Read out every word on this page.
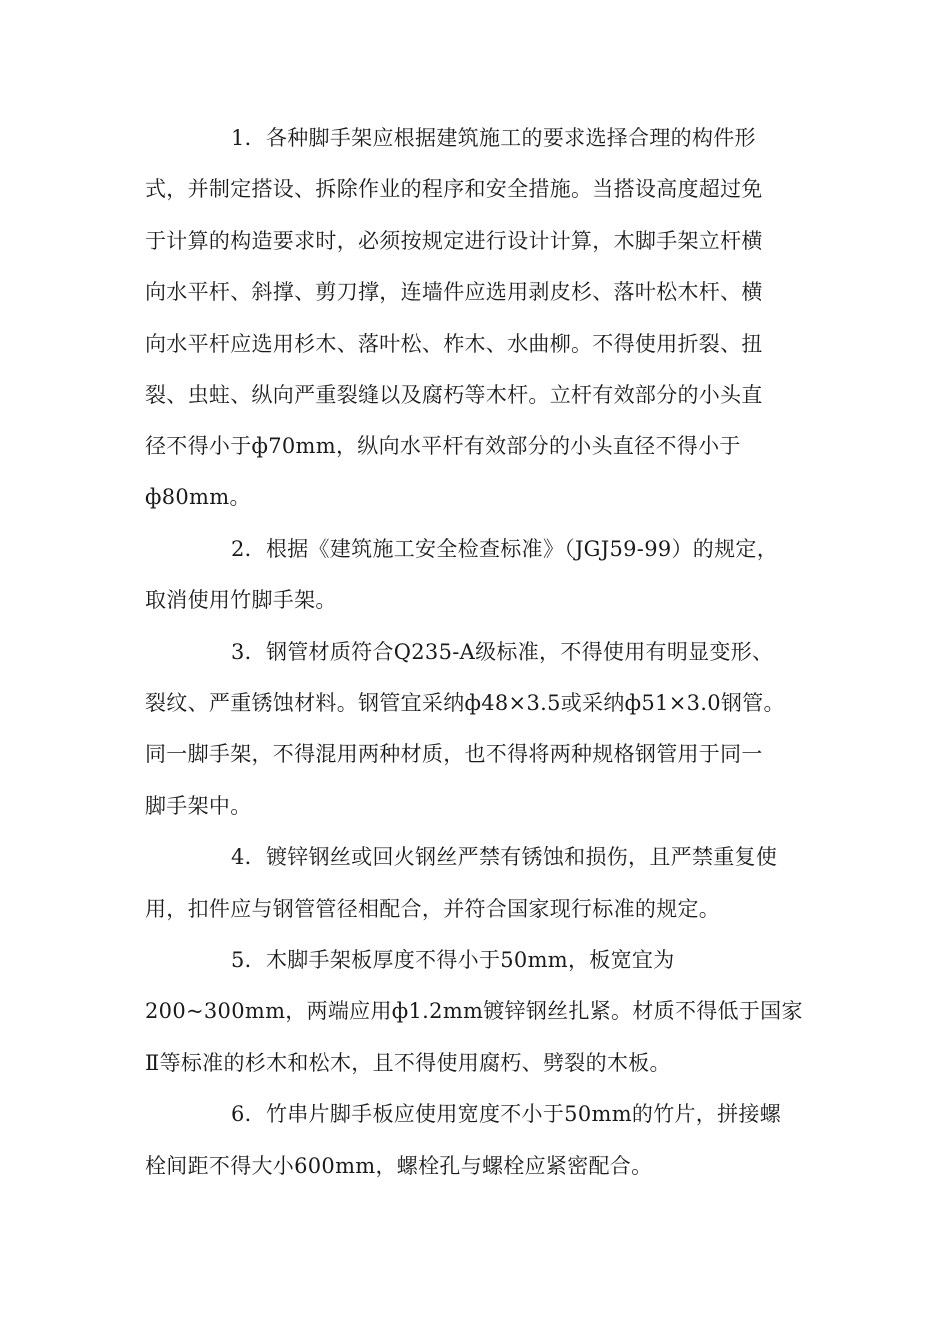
1．各种脚手架应根据建筑施工的要求选择合理的构件形
式，并制定搭设、拆除作业的程序和安全措施。当搭设高度超过免
于计算的构造要求时，必须按规定进行设计计算，木脚手架立杆横
向水平杆、斜撑、剪刀撑，连墙件应选用剥皮杉、落叶松木杆、横
向水平杆应选用杉木、落叶松、柞木、水曲柳。不得使用折裂、扭
裂、虫蛀、纵向严重裂缝以及腐朽等木杆。立杆有效部分的小头直
径不得小于ф70mm，纵向水平杆有效部分的小头直径不得小于
ф80mm。
2．根据《建筑施工安全检查标准》（JGJ59-99）的规定，
取消使用竹脚手架。
3．钢管材质符合Q235-A级标准，不得使用有明显变形、
裂纹、严重锈蚀材料。钢管宜采纳ф48×3.5或采纳ф51×3.0钢管。
同一脚手架，不得混用两种材质，也不得将两种规格钢管用于同一
脚手架中。
4．镀锌钢丝或回火钢丝严禁有锈蚀和损伤，且严禁重复使
用，扣件应与钢管管径相配合，并符合国家现行标准的规定。
5．木脚手架板厚度不得小于50mm，板宽宜为
200~300mm，两端应用ф1.2mm镀锌钢丝扎紧。材质不得低于国家
Ⅱ等标准的杉木和松木，且不得使用腐朽、劈裂的木板。
6．竹串片脚手板应使用宽度不小于50mm的竹片，拼接螺
栓间距不得大小600mm，螺栓孔与螺栓应紧密配合。
